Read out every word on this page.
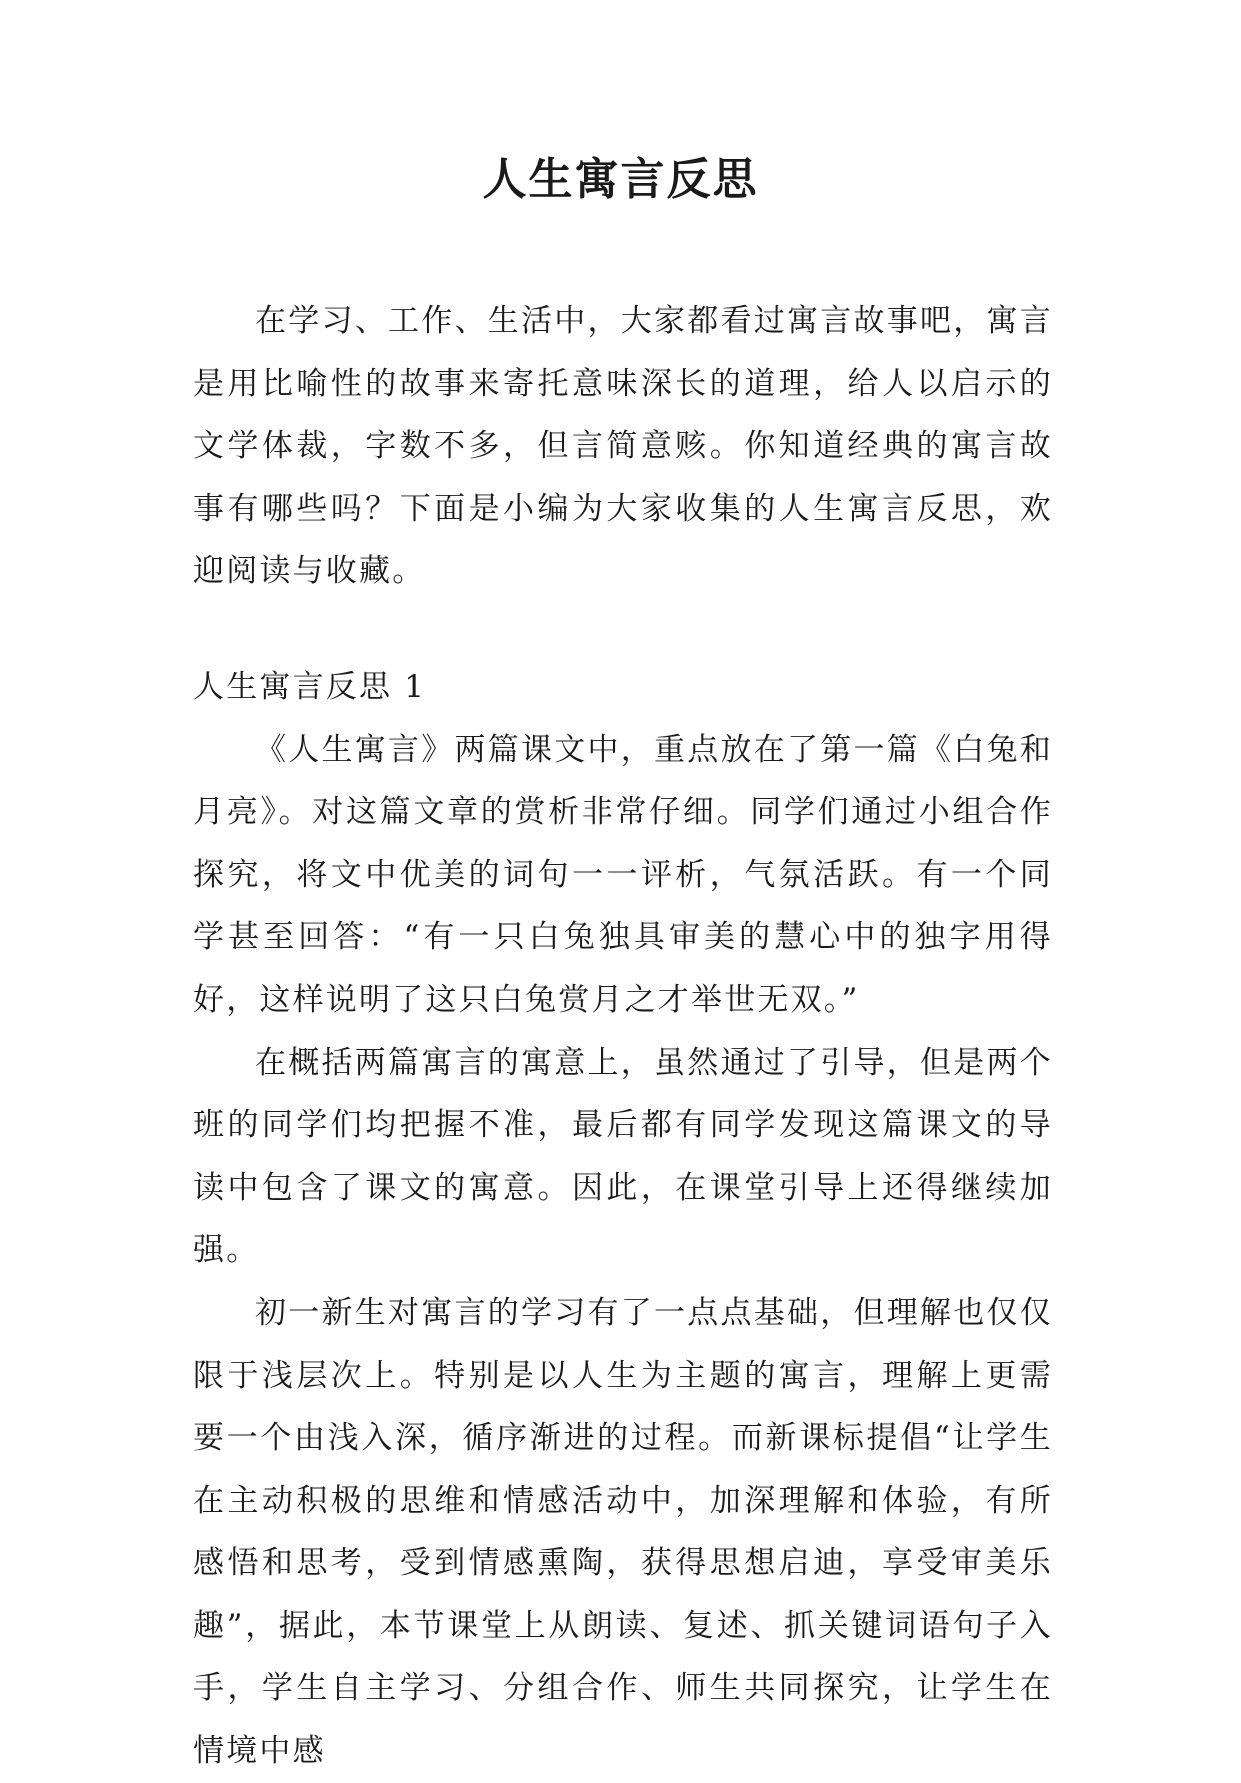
人生寓言反思

在学习、工作、生活中，大家都看过寓言故事吧，寓言是用比喻性的故事来寄托意味深长的道理，给人以启示的文学体裁，字数不多，但言简意赅。你知道经典的寓言故事有哪些吗？下面是小编为大家收集的人生寓言反思，欢迎阅读与收藏。

人生寓言反思 1

《人生寓言》两篇课文中，重点放在了第一篇《白兔和月亮》。对这篇文章的赏析非常仔细。同学们通过小组合作探究，将文中优美的词句一一评析，气氛活跃。有一个同学甚至回答：“有一只白兔独具审美的慧心中的独字用得好，这样说明了这只白兔赏月之才举世无双。”

在概括两篇寓言的寓意上，虽然通过了引导，但是两个班的同学们均把握不准，最后都有同学发现这篇课文的导读中包含了课文的寓意。因此，在课堂引导上还得继续加强。

初一新生对寓言的学习有了一点点基础，但理解也仅仅限于浅层次上。特别是以人生为主题的寓言，理解上更需要一个由浅入深，循序渐进的过程。而新课标提倡“让学生在主动积极的思维和情感活动中，加深理解和体验，有所感悟和思考，受到情感熏陶，获得思想启迪，享受审美乐趣”，据此，本节课堂上从朗读、复述、抓关键词语句子入手，学生自主学习、分组合作、师生共同探究，让学生在情境中感
